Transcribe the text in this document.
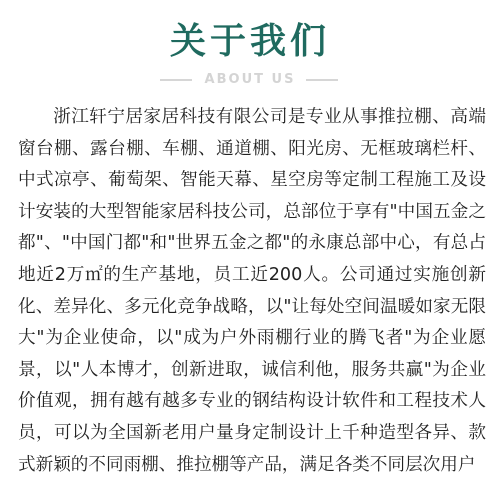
关于我们
ABOUT US

浙江轩宁居家居科技有限公司是专业从事推拉棚、高端窗台棚、露台棚、车棚、通道棚、阳光房、无框玻璃栏杆、中式凉亭、葡萄架、智能天幕、星空房等定制工程施工及设计安装的大型智能家居科技公司，总部位于享有"中国五金之都"、"中国门都"和"世界五金之都"的永康总部中心，有总占地近2万㎡的生产基地，员工近200人。公司通过实施创新化、差异化、多元化竞争战略，以"让每处空间温暖如家无限大"为企业使命，以"成为户外雨棚行业的腾飞者"为企业愿景，以"人本博才，创新进取，诚信利他，服务共赢"为企业价值观，拥有越有越多专业的钢结构设计软件和工程技术人员，可以为全国新老用户量身定制设计上千种造型各异、款式新颖的不同雨棚、推拉棚等产品，满足各类不同层次用户
